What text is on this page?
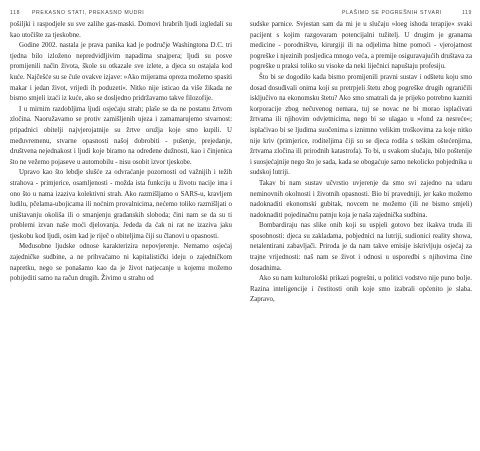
118 PREKASNO STATI, PREKASNO MUDRI

pošiljki i raspodjele su sve zalihe gas-maski. Domovi hrabrih ljudi izgledali su kao utočište za tjeskobne.

Godine 2002. nastala je prava panika kad je područje Washingtona D.C. tri tjedna bilo izloženo nepredvidljivim napadima snajpera; ljudi su posve promijenili način života, škole su otkazale sve izlete, a djeca su ostajala kod kuće. Najčešće su se čule ovakve izjave: »Ako mijerama opreza možemo spasiti makar i jedan život, vrijedi ih poduzeti«. Nitko nije isticao da više žikada ne bismo smjeli izaći iz kuće, ako se dosljedno pridržavamo takve filozofije.

I u mirnim razdobljima ljudi osjećaju strah; plaše se da ne postanu žrtvom zločina. Naoružavamo se protiv zamišljenih ujeza i zamamarujemo stvarnost: pripadnici obitelji najvjerojatnije su žrtve oružja koje smo kupili. U međuvremenu, stvarne opasnosti našoj dobrobiti - pušenje, prejedanje, društvena nejednakost i ljudi koje biramo na određene dužnosti, kao i činjenica što ne vežemo pojaseve u automobilu - nisu osobit izvor tjeskobe.

Upravo kao što lebdje slušće za odvraćanje pozornosti od važnijih i težih strahova - primjerice, osamljenosti - možda ista funkciju u životu nacije ima i ono što u nama izaziva kolektivni strah. Ako razmišljamo o SARS-u, kravljem ludilu, pčelama-ubojicama ili noćnim provalnicima, nećemo toliko razmišljati o uništavanju okoliša ili o smanjenju građanskih sloboda; čini nam se da su ti problemi izvan naše moći djelovanja. Jededa da ćak ni rat ne izaziva jaku tjeskobu kod ljudi, osim kad je riječ o obiteljima čiji su članovi u opasnosti.

Međusobne ljudske odnose karakterizira nepovjerenje. Nemamo osjećaj zajedničke sudbine, a ne prihvaćamo ni kapitalistički ideju o zajedničkom napretku, nego se ponašamo kao da je život natjecanje u kojemu možemo pobijediti samo na račun drugih. Živimo u strahu od

PLAŠIMO SE POGREŠNIH STVARI	119

sudske parnice. Svjestan sam da mi je u slučaju »loeg ishoda terapije« svaki pacijent s kojim razgovaram potencijalni tužitelj. U drugim je granama medicine - porodništvu, kirurgiji ili na odjelima hitne pomoći - vjerojatnost pogreške i njezinih posljedica mnogo veća, a premije osiguravajućih društava za pogreške u praksi toliko su visoke da neki liječnici napuštaju profesiju.

Što bi se dogodilo kada bismo promijenili pravni sustav i odštetu koju smo dosad dosuđivali onima koji su pretrpjeli štetu zbog pogreške drugih ograničili isključivo na ekonomsku štetu? Ako smo smatrali da je prijeko potrebno kazniti korporacije zbog nečuvenog nemara, tuj se novac ne bi morao isplaćivati žrtvama ili njihovim odvjetnicima, nego bi se ulagao u »fond za nesreće«; isplaćivao bi se ljudima suočenima s iznimno velikim troškovima za koje nitko nije kriv (primjerice, roditeljima čiji su se djeca rodila s teškim oštećenjima, žrtvama zločina ili prirodnih katastrofa). To bi, u svakom slučaju, bilo poštenije i suosjećajnije nego što je sada, kada se obogaćuje samo nekolicko pobjednika u sudskoj lutriji.

Takav bi nam sustav učvrstio uvjerenje da smo svi zajedno na udaru neminovnih okolnosti i životnih opasnosti. Bio bi pravedniji, jer kako možemo nadoknaditi ekonomski gubitak, novcem ne možemo (ili ne bismo smjeli) nadoknaditi pojedinačnu patnju koja je naša zajednička sudbina.

Bombardiraju nas slike onih koji su uspjeli gotovo bez ikakva truda ili sposobnosti: djeca su zakladama, pobjednici na lutriji, sudionici reality showa, netalentirani zabavljači. Priroda je da nam takve emisije iskrivljuju osjećaj za trajne vrijednosti: naš nam se život i odnosi u usporedbi s njihovima čine dosadnima.

Ako su nam kulturološki prikazi pogrešni, u politici vodstvo nije puno bolje. Razina inteligencije i čestitosti onih koje smo izabrali općenito je slaba. Zapravo,
